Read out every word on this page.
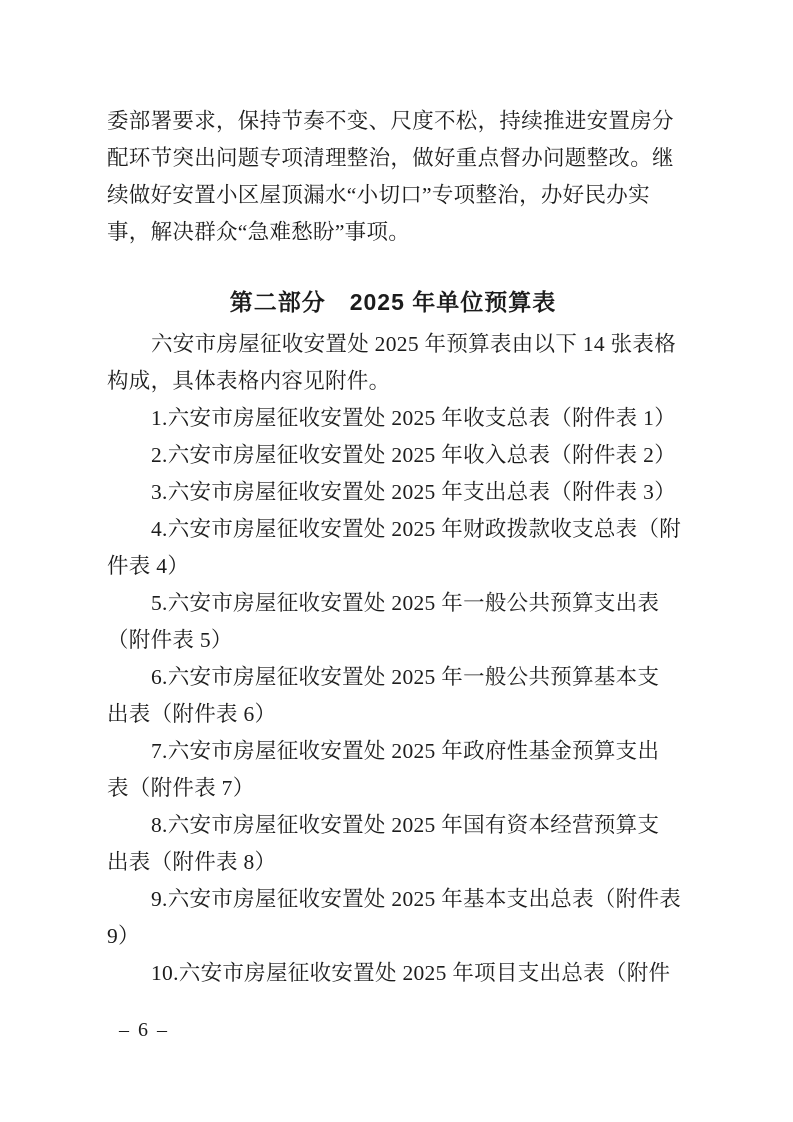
委部署要求，保持节奏不变、尺度不松，持续推进安置房分
配环节突出问题专项清理整治，做好重点督办问题整改。继
续做好安置小区屋顶漏水“小切口”专项整治，办好民办实
事，解决群众“急难愁盼”事项。
第二部分　2025 年单位预算表
六安市房屋征收安置处 2025 年预算表由以下 14 张表格
构成，具体表格内容见附件。
1.六安市房屋征收安置处 2025 年收支总表（附件表 1）
2.六安市房屋征收安置处 2025 年收入总表（附件表 2）
3.六安市房屋征收安置处 2025 年支出总表（附件表 3）
4.六安市房屋征收安置处 2025 年财政拨款收支总表（附
件表 4）
5.六安市房屋征收安置处 2025 年一般公共预算支出表
（附件表 5）
6.六安市房屋征收安置处 2025 年一般公共预算基本支
出表（附件表 6）
7.六安市房屋征收安置处 2025 年政府性基金预算支出
表（附件表 7）
8.六安市房屋征收安置处 2025 年国有资本经营预算支
出表（附件表 8）
9.六安市房屋征收安置处 2025 年基本支出总表（附件表
9）
10.六安市房屋征收安置处 2025 年项目支出总表（附件
– 6 –
